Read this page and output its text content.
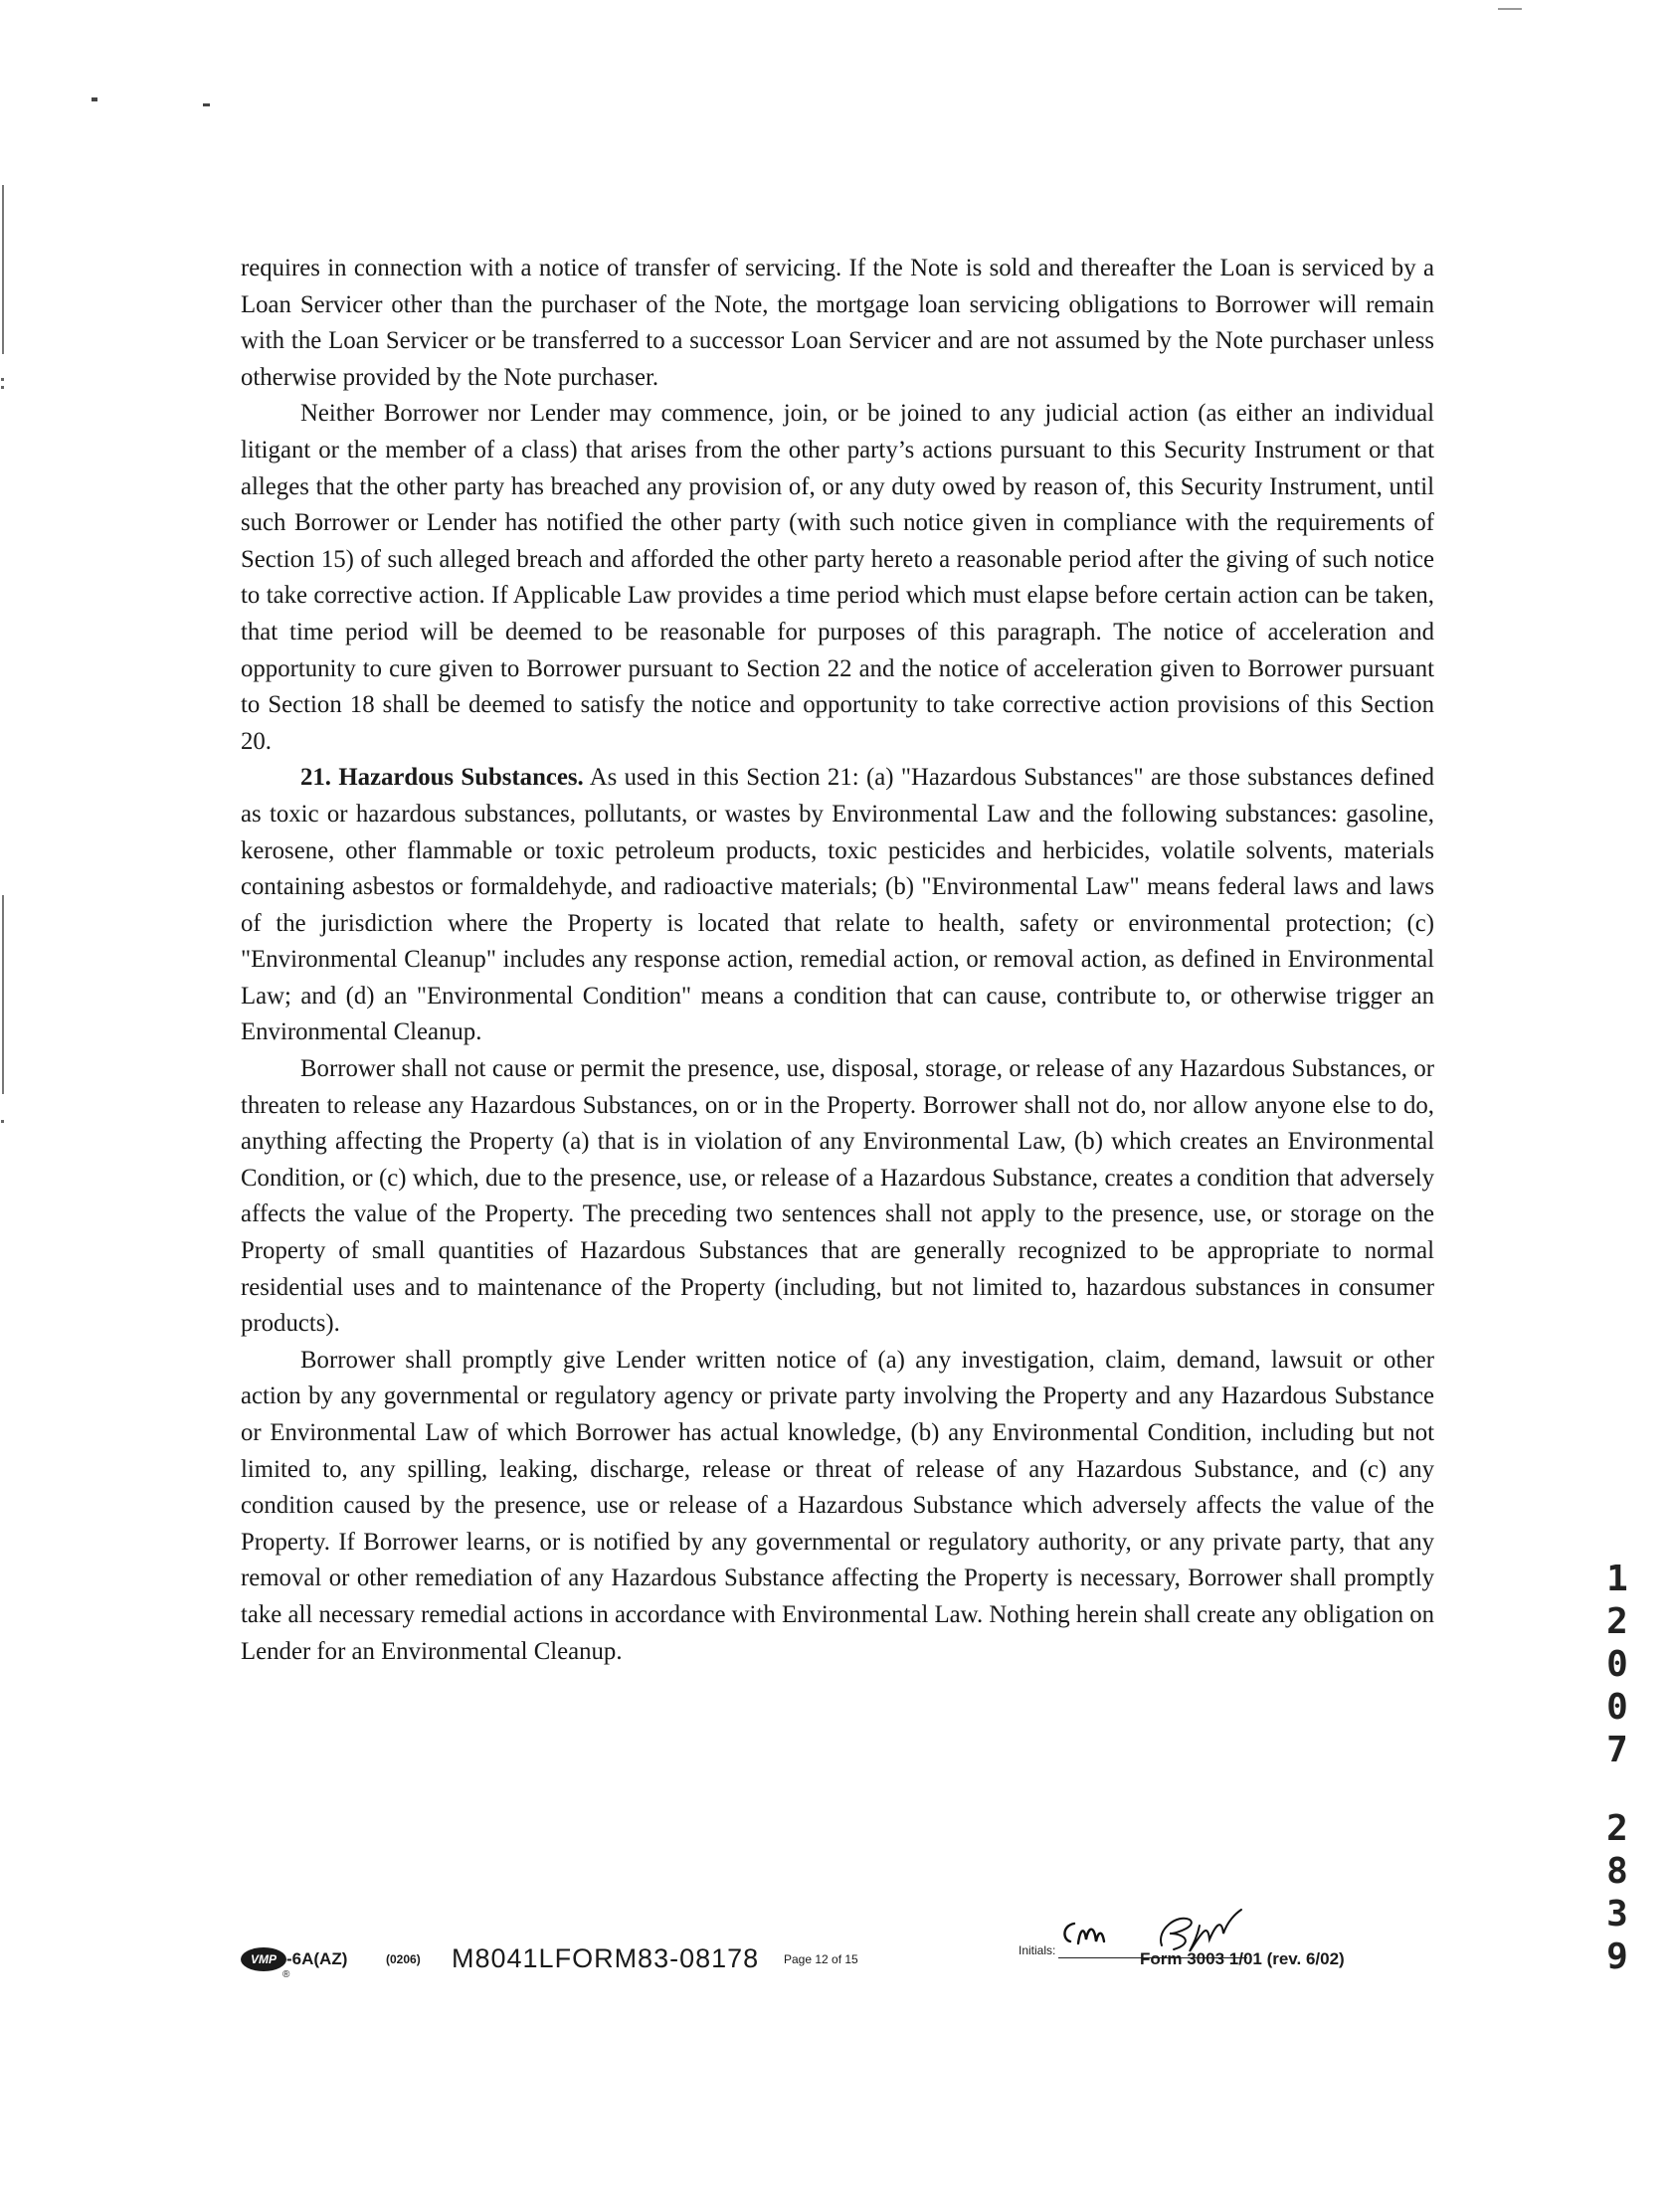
requires in connection with a notice of transfer of servicing. If the Note is sold and thereafter the Loan is serviced by a Loan Servicer other than the purchaser of the Note, the mortgage loan servicing obligations to Borrower will remain with the Loan Servicer or be transferred to a successor Loan Servicer and are not assumed by the Note purchaser unless otherwise provided by the Note purchaser.

Neither Borrower nor Lender may commence, join, or be joined to any judicial action (as either an individual litigant or the member of a class) that arises from the other party’s actions pursuant to this Security Instrument or that alleges that the other party has breached any provision of, or any duty owed by reason of, this Security Instrument, until such Borrower or Lender has notified the other party (with such notice given in compliance with the requirements of Section 15) of such alleged breach and afforded the other party hereto a reasonable period after the giving of such notice to take corrective action. If Applicable Law provides a time period which must elapse before certain action can be taken, that time period will be deemed to be reasonable for purposes of this paragraph. The notice of acceleration and opportunity to cure given to Borrower pursuant to Section 22 and the notice of acceleration given to Borrower pursuant to Section 18 shall be deemed to satisfy the notice and opportunity to take corrective action provisions of this Section 20.

21. Hazardous Substances. As used in this Section 21: (a) "Hazardous Substances" are those substances defined as toxic or hazardous substances, pollutants, or wastes by Environmental Law and the following substances: gasoline, kerosene, other flammable or toxic petroleum products, toxic pesticides and herbicides, volatile solvents, materials containing asbestos or formaldehyde, and radioactive materials; (b) "Environmental Law" means federal laws and laws of the jurisdiction where the Property is located that relate to health, safety or environmental protection; (c) "Environmental Cleanup" includes any response action, remedial action, or removal action, as defined in Environmental Law; and (d) an "Environmental Condition" means a condition that can cause, contribute to, or otherwise trigger an Environmental Cleanup.

Borrower shall not cause or permit the presence, use, disposal, storage, or release of any Hazardous Substances, or threaten to release any Hazardous Substances, on or in the Property. Borrower shall not do, nor allow anyone else to do, anything affecting the Property (a) that is in violation of any Environmental Law, (b) which creates an Environmental Condition, or (c) which, due to the presence, use, or release of a Hazardous Substance, creates a condition that adversely affects the value of the Property. The preceding two sentences shall not apply to the presence, use, or storage on the Property of small quantities of Hazardous Substances that are generally recognized to be appropriate to normal residential uses and to maintenance of the Property (including, but not limited to, hazardous substances in consumer products).

Borrower shall promptly give Lender written notice of (a) any investigation, claim, demand, lawsuit or other action by any governmental or regulatory agency or private party involving the Property and any Hazardous Substance or Environmental Law of which Borrower has actual knowledge, (b) any Environmental Condition, including but not limited to, any spilling, leaking, discharge, release or threat of release of any Hazardous Substance, and (c) any condition caused by the presence, use or release of a Hazardous Substance which adversely affects the value of the Property. If Borrower learns, or is notified by any governmental or regulatory authority, or any private party, that any removal or other remediation of any Hazardous Substance affecting the Property is necessary, Borrower shall promptly take all necessary remedial actions in accordance with Environmental Law. Nothing herein shall create any obligation on Lender for an Environmental Cleanup.

1
2
0
0
7
2
8
3
9
VMP
®
-6A(AZ)	(0206) M8041LFORM83-08178 Page 12 of 15
Initials:	Form 3003 1/01 (rev. 6/02)
